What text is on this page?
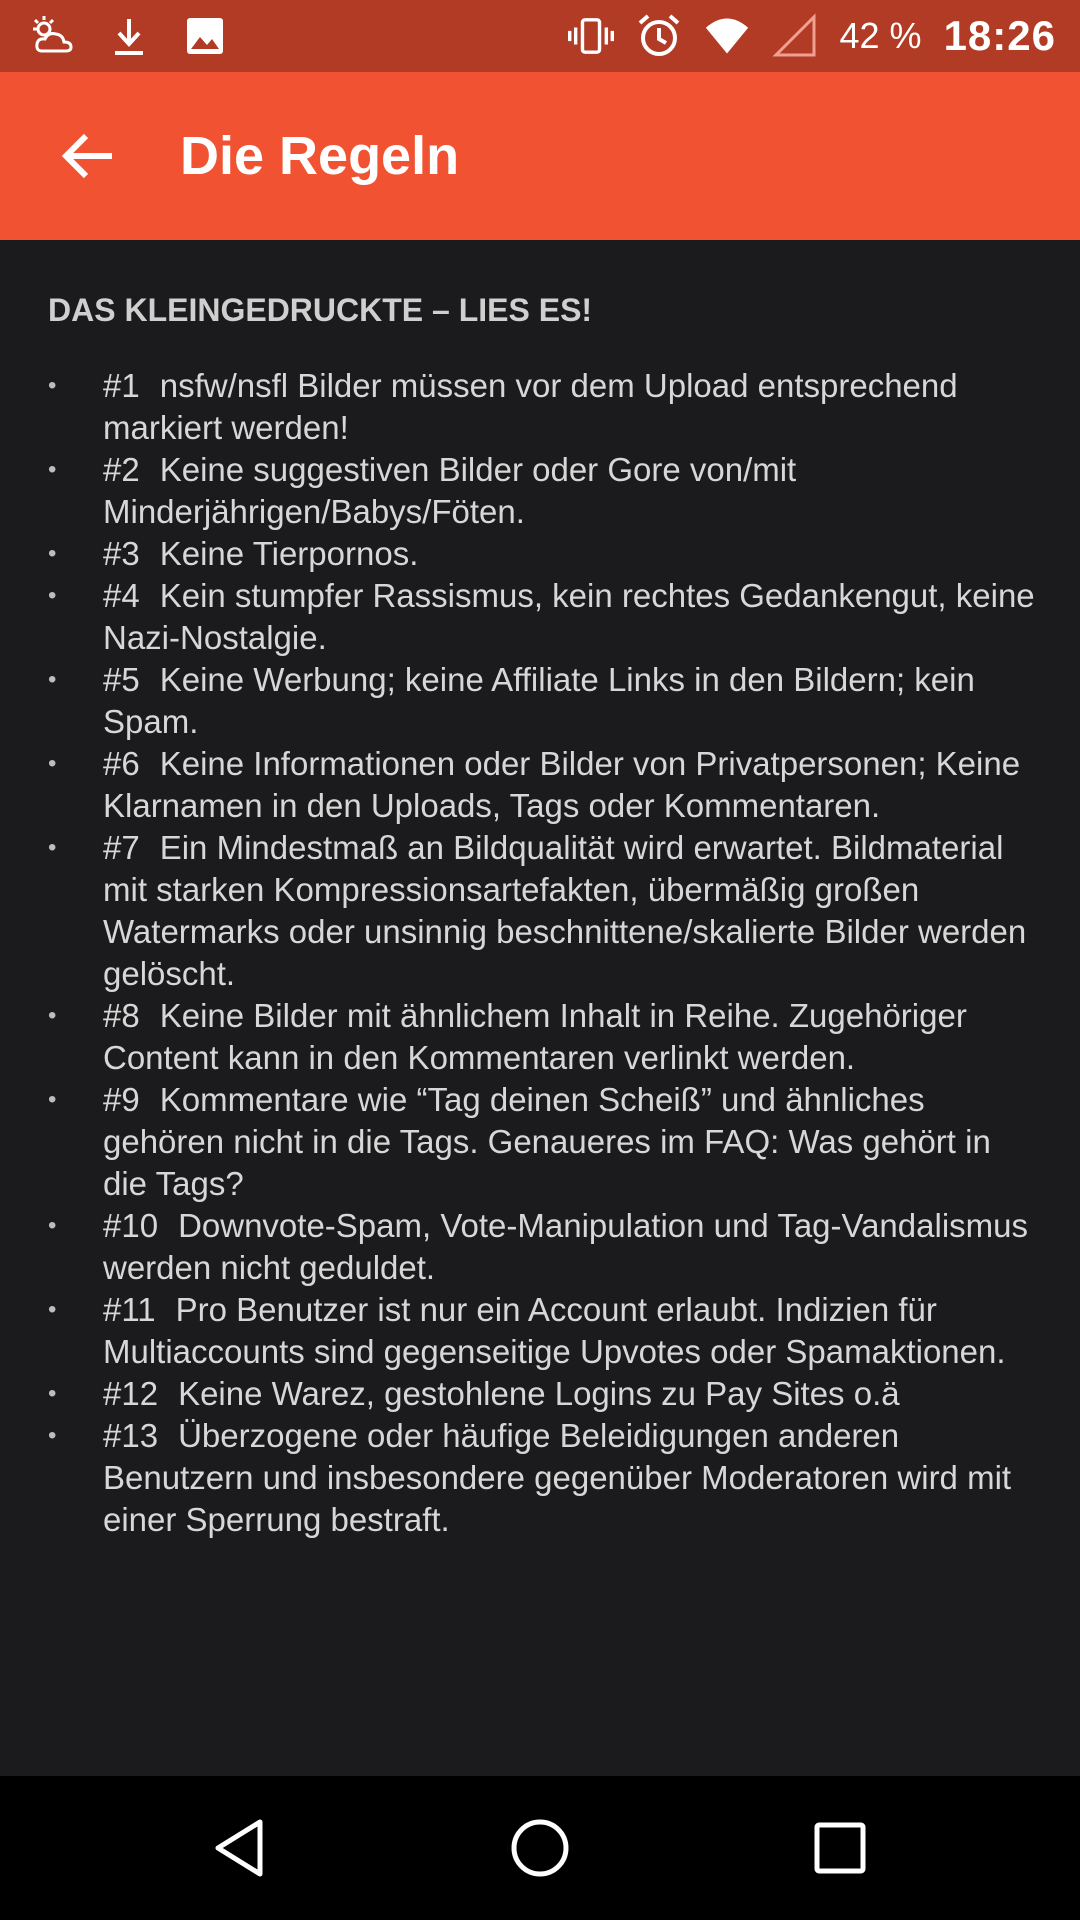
42 % 18:26
Die Regeln
DAS KLEINGEDRUCKTE – LIES ES!
• #1 nsfw/nsfl Bilder müssen vor dem Upload entsprechend markiert werden!
• #2 Keine suggestiven Bilder oder Gore von/mit Minderjährigen/Babys/Föten.
• #3 Keine Tierpornos.
• #4 Kein stumpfer Rassismus, kein rechtes Gedankengut, keine Nazi-Nostalgie.
• #5 Keine Werbung; keine Affiliate Links in den Bildern; kein Spam.
• #6 Keine Informationen oder Bilder von Privatpersonen; Keine Klarnamen in den Uploads, Tags oder Kommentaren.
• #7 Ein Mindestmaß an Bildqualität wird erwartet. Bildmaterial mit starken Kompressionsartefakten, übermäßig großen Watermarks oder unsinnig beschnittene/skalierte Bilder werden gelöscht.
• #8 Keine Bilder mit ähnlichem Inhalt in Reihe. Zugehöriger Content kann in den Kommentaren verlinkt werden.
• #9 Kommentare wie “Tag deinen Scheiß” und ähnliches gehören nicht in die Tags. Genaueres im FAQ: Was gehört in die Tags?
• #10 Downvote-Spam, Vote-Manipulation und Tag-Vandalismus werden nicht geduldet.
• #11 Pro Benutzer ist nur ein Account erlaubt. Indizien für Multiaccounts sind gegenseitige Upvotes oder Spamaktionen.
• #12 Keine Warez, gestohlene Logins zu Pay Sites o.ä
• #13 Überzogene oder häufige Beleidigungen anderen Benutzern und insbesondere gegenüber Moderatoren wird mit einer Sperrung bestraft.
